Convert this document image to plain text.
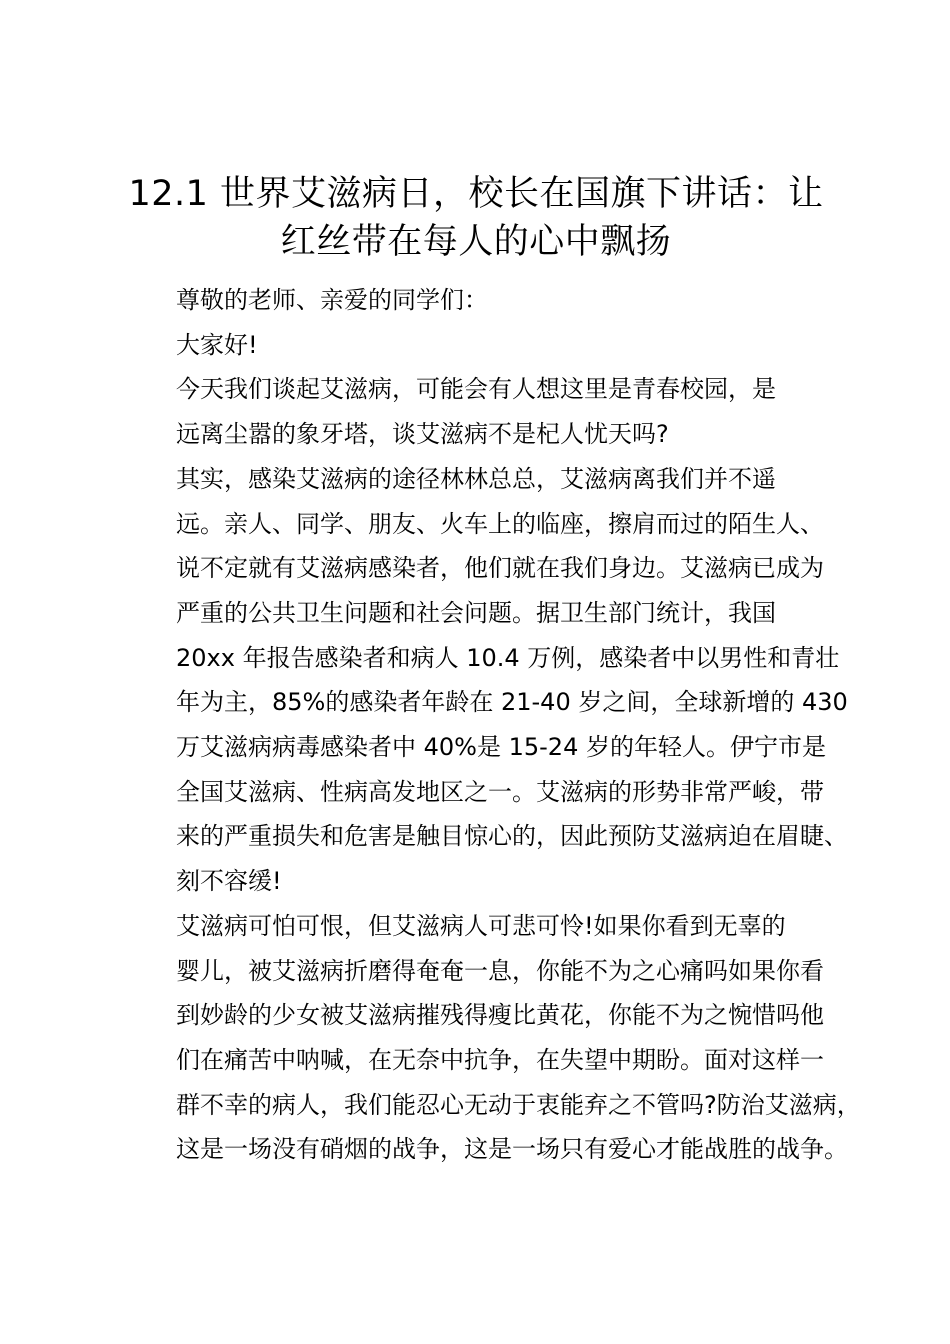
12.1 世界艾滋病日，校长在国旗下讲话：让
红丝带在每人的心中飘扬

尊敬的老师、亲爱的同学们：

大家好!

今天我们谈起艾滋病，可能会有人想这里是青春校园，是
远离尘嚣的象牙塔，谈艾滋病不是杞人忧天吗?

其实，感染艾滋病的途径林林总总，艾滋病离我们并不遥
远。亲人、同学、朋友、火车上的临座，擦肩而过的陌生人、
说不定就有艾滋病感染者，他们就在我们身边。艾滋病已成为
严重的公共卫生问题和社会问题。据卫生部门统计，我国
20xx 年报告感染者和病人 10.4 万例，感染者中以男性和青壮
年为主，85%的感染者年龄在 21-40 岁之间，全球新增的 430
万艾滋病病毒感染者中 40%是 15-24 岁的年轻人。伊宁市是
全国艾滋病、性病高发地区之一。艾滋病的形势非常严峻，带
来的严重损失和危害是触目惊心的，因此预防艾滋病迫在眉睫、
刻不容缓!

艾滋病可怕可恨，但艾滋病人可悲可怜!如果你看到无辜的
婴儿，被艾滋病折磨得奄奄一息，你能不为之心痛吗如果你看
到妙龄的少女被艾滋病摧残得瘦比黄花，你能不为之惋惜吗他
们在痛苦中呐喊，在无奈中抗争，在失望中期盼。面对这样一
群不幸的病人，我们能忍心无动于衷能弃之不管吗?防治艾滋病，
这是一场没有硝烟的战争，这是一场只有爱心才能战胜的战争。
